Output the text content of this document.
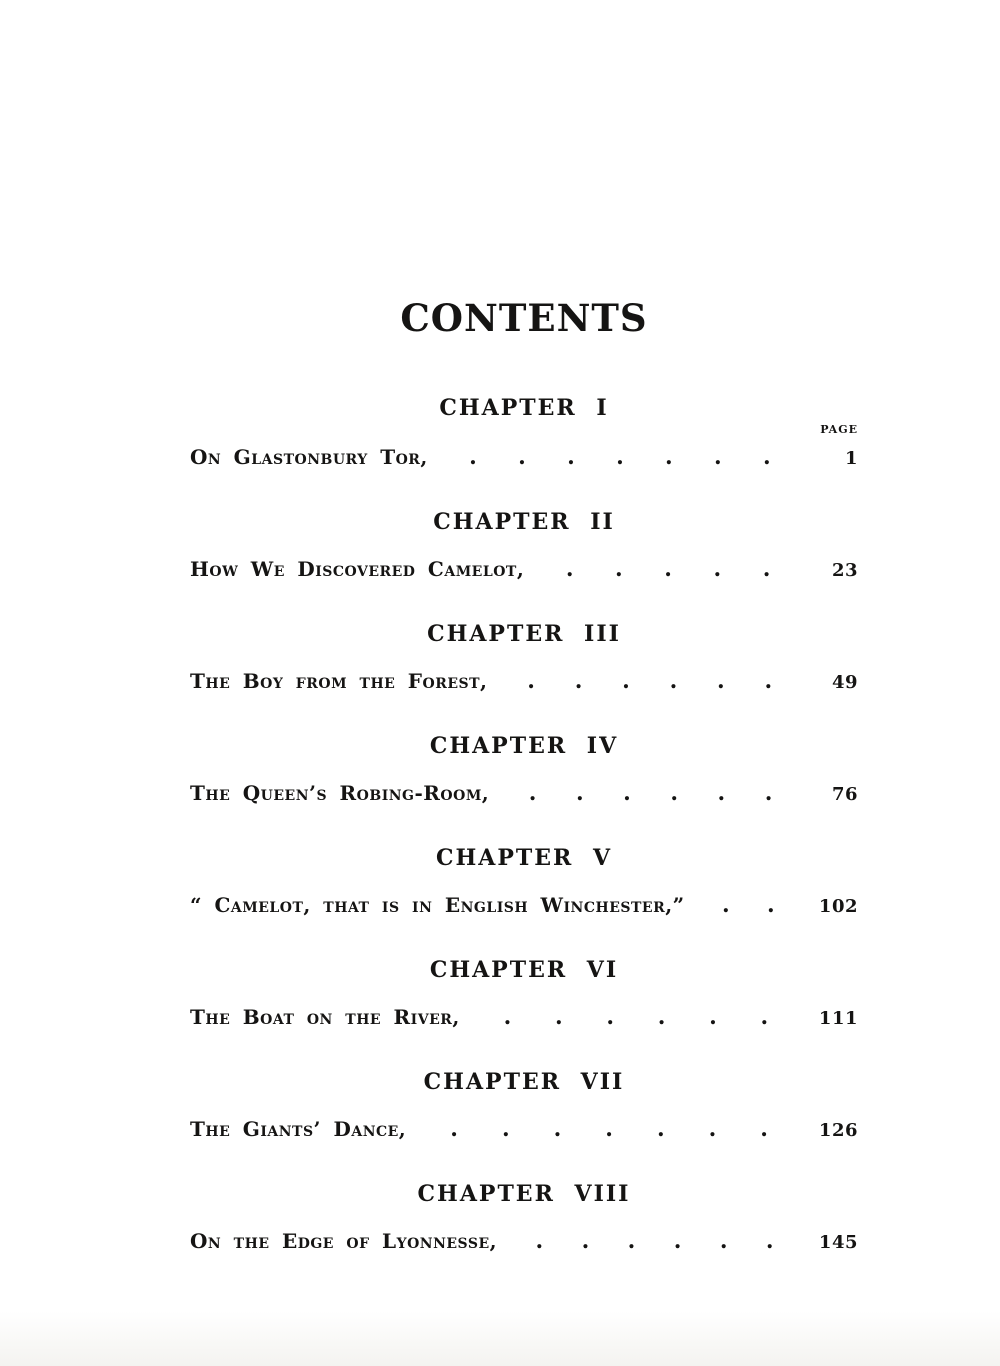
CONTENTS
CHAPTER I
PAGE
On Glastonbury Tor, . . . . . . .	1
CHAPTER II
How We Discovered Camelot, . . . . .	23
CHAPTER III
The Boy from the Forest, . . . . . .	49
CHAPTER IV
The Queen’s Robing-Room, . . . . . .	76
CHAPTER V
“ Camelot, that is in English Winchester,” . .	102
CHAPTER VI
The Boat on the River, . . . . . .	111
CHAPTER VII
The Giants’ Dance, . . . . . . .	126
CHAPTER VIII
On the Edge of Lyonnesse, . . . . . .	145
